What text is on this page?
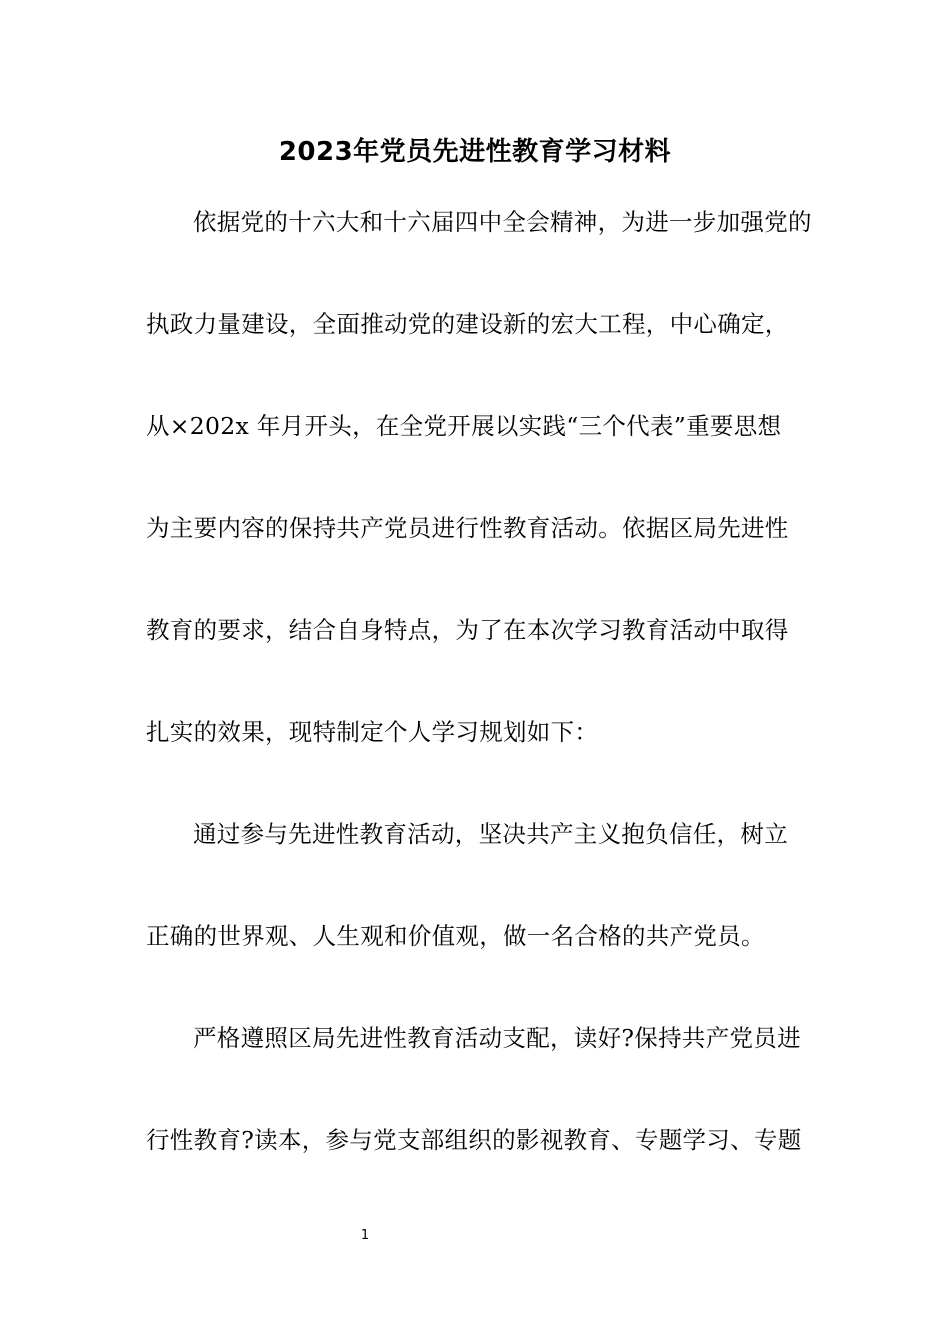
2023年党员先进性教育学习材料
依据党的十六大和十六届四中全会精神，为进一步加强党的
执政力量建设，全面推动党的建设新的宏大工程，中心确定，
从×202x 年月开头，在全党开展以实践“三个代表”重要思想
为主要内容的保持共产党员进行性教育活动。依据区局先进性
教育的要求，结合自身特点，为了在本次学习教育活动中取得
扎实的效果，现特制定个人学习规划如下：
通过参与先进性教育活动，坚决共产主义抱负信任，树立
正确的世界观、人生观和价值观，做一名合格的共产党员。
严格遵照区局先进性教育活动支配，读好?保持共产党员进
行性教育?读本，参与党支部组织的影视教育、专题学习、专题
1
